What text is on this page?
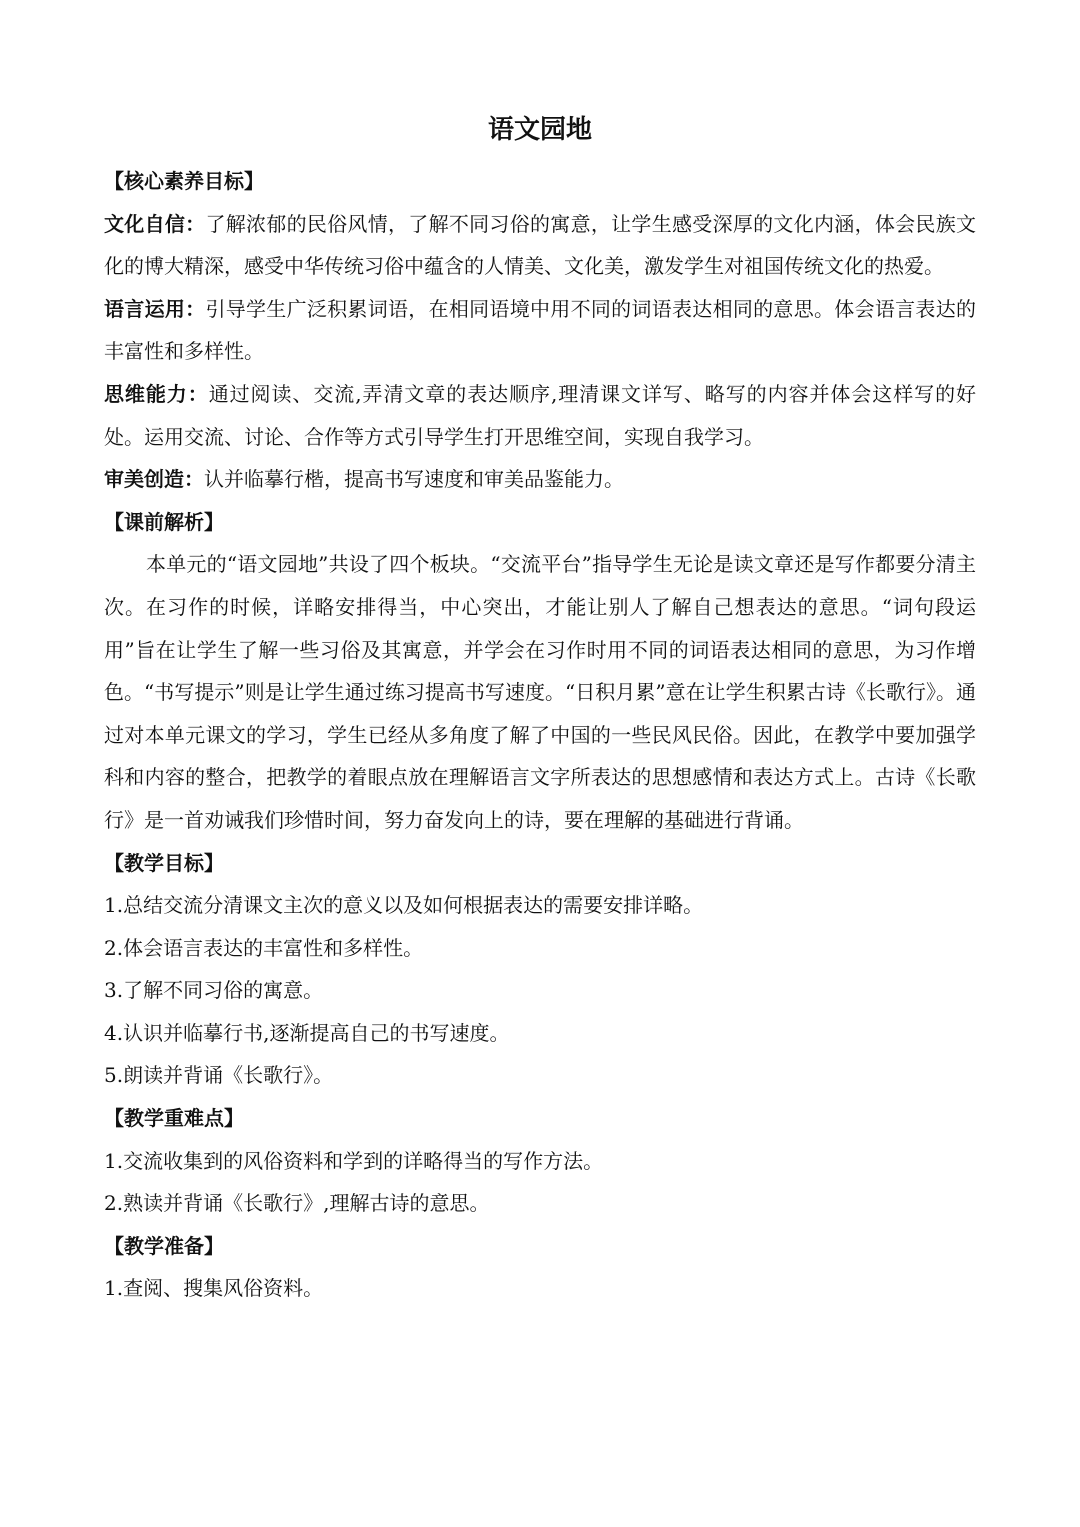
语文园地
【核心素养目标】

文化自信：了解浓郁的民俗风情，了解不同习俗的寓意，让学生感受深厚的文化内涵，体会民族文化的博大精深，感受中华传统习俗中蕴含的人情美、文化美，激发学生对祖国传统文化的热爱。

语言运用：引导学生广泛积累词语，在相同语境中用不同的词语表达相同的意思。体会语言表达的丰富性和多样性。

思维能力：通过阅读、交流,弄清文章的表达顺序,理清课文详写、略写的内容并体会这样写的好处。运用交流、讨论、合作等方式引导学生打开思维空间，实现自我学习。

审美创造：认并临摹行楷，提高书写速度和审美品鉴能力。

【课前解析】

本单元的“语文园地”共设了四个板块。“交流平台”指导学生无论是读文章还是写作都要分清主次。在习作的时候，详略安排得当，中心突出，才能让别人了解自己想表达的意思。“词句段运用”旨在让学生了解一些习俗及其寓意，并学会在习作时用不同的词语表达相同的意思，为习作增色。“书写提示”则是让学生通过练习提高书写速度。“日积月累”意在让学生积累古诗《长歌行》。通过对本单元课文的学习，学生已经从多角度了解了中国的一些民风民俗。因此，在教学中要加强学科和内容的整合，把教学的着眼点放在理解语言文字所表达的思想感情和表达方式上。古诗《长歌行》是一首劝诫我们珍惜时间，努力奋发向上的诗，要在理解的基础进行背诵。

【教学目标】

1.总结交流分清课文主次的意义以及如何根据表达的需要安排详略。

2.体会语言表达的丰富性和多样性。

3.了解不同习俗的寓意。

4.认识并临摹行书,逐渐提高自己的书写速度。

5.朗读并背诵《长歌行》。

【教学重难点】

1.交流收集到的风俗资料和学到的详略得当的写作方法。

2.熟读并背诵《长歌行》,理解古诗的意思。

【教学准备】

1.查阅、搜集风俗资料。
